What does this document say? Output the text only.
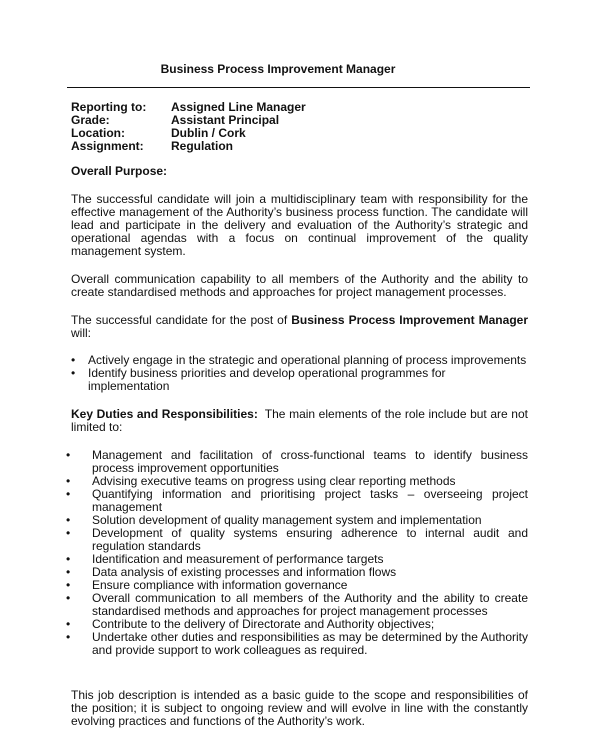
Business Process Improvement Manager
Reporting to:	Assigned Line Manager
Grade:	Assistant Principal
Location:	Dublin / Cork
Assignment:	Regulation
Overall Purpose:

The successful candidate will join a multidisciplinary team with responsibility for the effective management of the Authority’s business process function. The candidate will lead and participate in the delivery and evaluation of the Authority’s strategic and operational agendas with a focus on continual improvement of the quality management system.

Overall communication capability to all members of the Authority and the ability to create standardised methods and approaches for project management processes.

The successful candidate for the post of Business Process Improvement Manager will:

• Actively engage in the strategic and operational planning of process improvements
• Identify business priorities and develop operational programmes for implementation

Key Duties and Responsibilities:  The main elements of the role include but are not limited to:

• Management and facilitation of cross-functional teams to identify business process improvement opportunities
• Advising executive teams on progress using clear reporting methods
• Quantifying information and prioritising project tasks – overseeing project management
• Solution development of quality management system and implementation
• Development of quality systems ensuring adherence to internal audit and regulation standards
• Identification and measurement of performance targets
• Data analysis of existing processes and information flows
• Ensure compliance with information governance
• Overall communication to all members of the Authority and the ability to create standardised methods and approaches for project management processes
• Contribute to the delivery of Directorate and Authority objectives;
• Undertake other duties and responsibilities as may be determined by the Authority and provide support to work colleagues as required.

This job description is intended as a basic guide to the scope and responsibilities of the position; it is subject to ongoing review and will evolve in line with the constantly evolving practices and functions of the Authority’s work.
